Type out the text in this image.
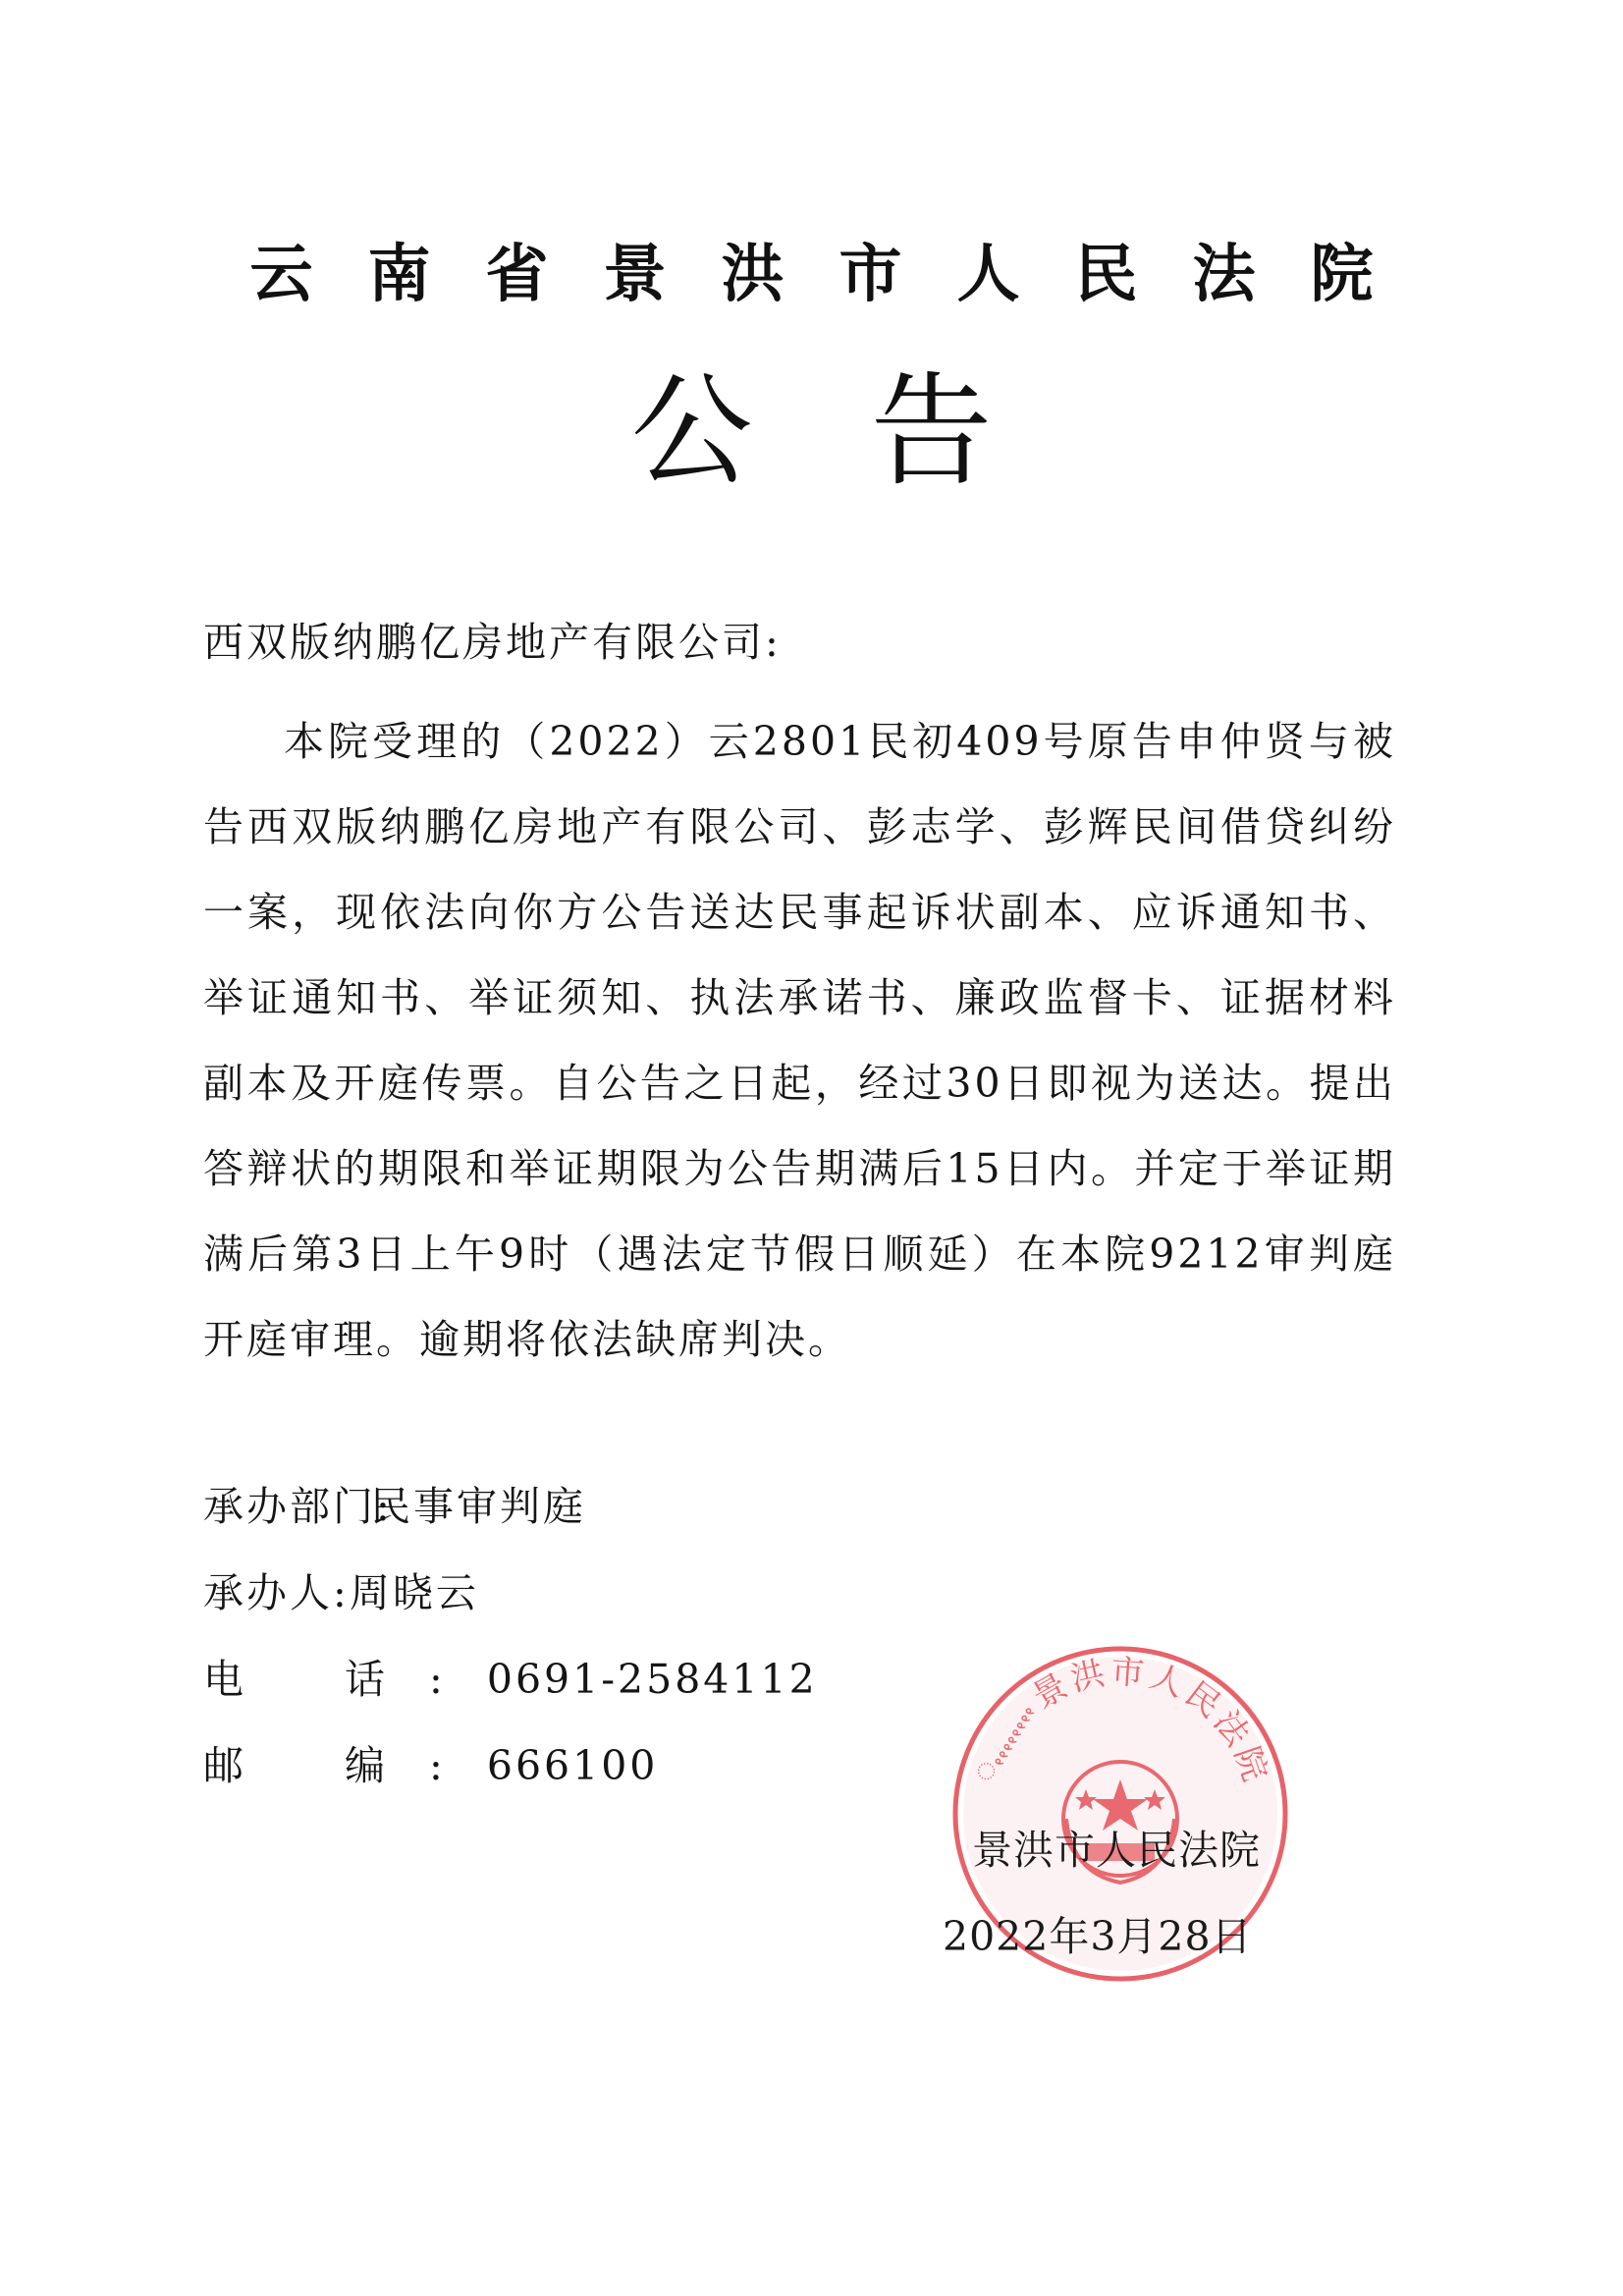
云南省景洪市人民法院
公告
西双版纳鹏亿房地产有限公司:
本院受理的（2022）云2801民初409号原告申仲贤与被告西双版纳鹏亿房地产有限公司、彭志学、彭辉民间借贷纠纷一案，现依法向你方公告送达民事起诉状副本、应诉通知书、举证通知书、举证须知、执法承诺书、廉政监督卡、证据材料副本及开庭传票。自公告之日起，经过30日即视为送达。提出答辩状的期限和举证期限为公告期满后15日内。并定于举证期满后第3日上午9时（遇法定节假日顺延）在本院9212审判庭开庭审理。逾期将依法缺席判决。
承办部门:民事审判庭
承办人:周晓云
电 话:0691-2584112
邮 编:666100	ꩻꩻꩻꩻꩻꩻꩻꩻ景洪市人民法院
景洪市人民法院
2022年3月28日
